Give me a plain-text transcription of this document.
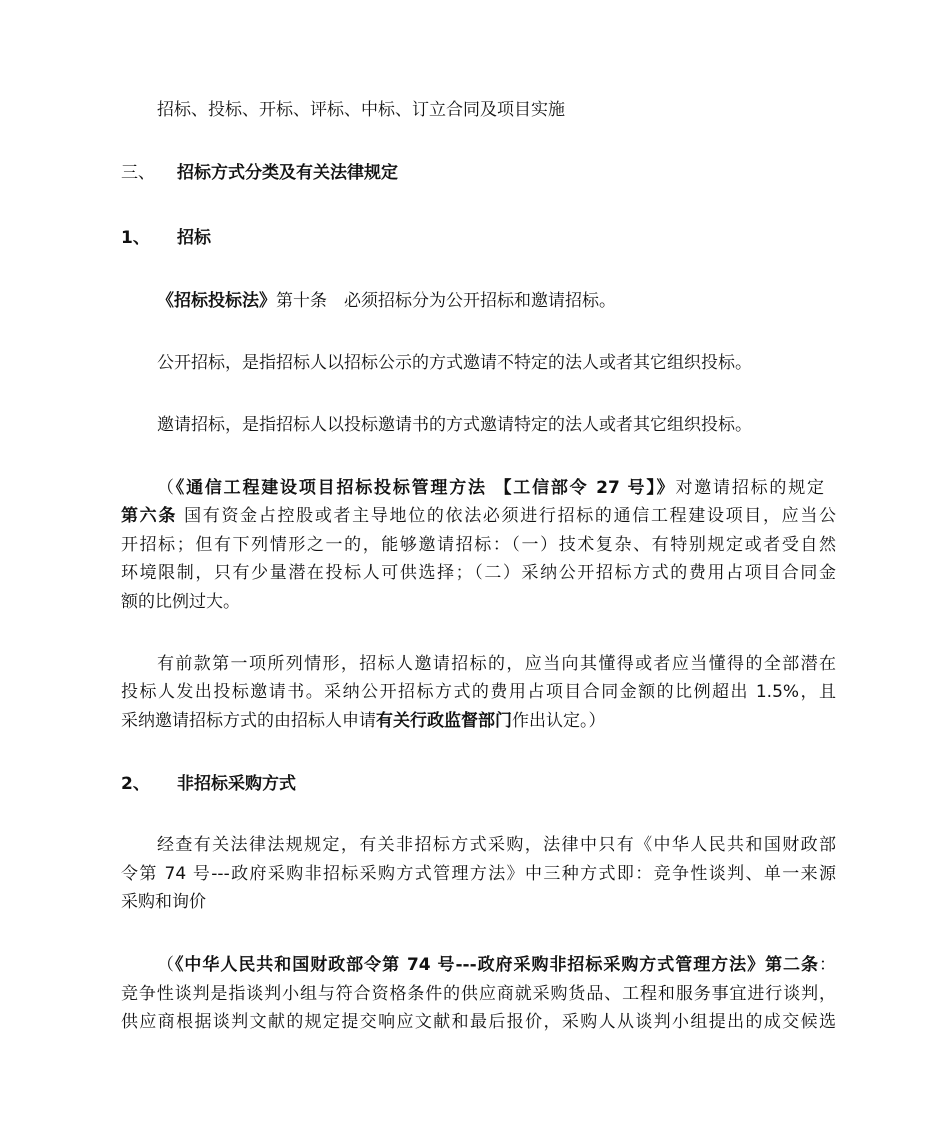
招标、投标、开标、评标、中标、订立合同及项目实施
三、 招标方式分类及有关法律规定
1、 招标
《招标投标法》第十条　必须招标分为公开招标和邀请招标。
公开招标，是指招标人以招标公示的方式邀请不特定的法人或者其它组织投标。
邀请招标，是指招标人以投标邀请书的方式邀请特定的法人或者其它组织投标。
（《通信工程建设项目招标投标管理方法 【工信部令 27 号】》对邀请招标的规定
第六条 国有资金占控股或者主导地位的依法必须进行招标的通信工程建设项目，应当公
开招标；但有下列情形之一的，能够邀请招标：（一）技术复杂、有特别规定或者受自然
环境限制，只有少量潜在投标人可供选择；（二）采纳公开招标方式的费用占项目合同金
额的比例过大。
有前款第一项所列情形，招标人邀请招标的，应当向其懂得或者应当懂得的全部潜在
投标人发出投标邀请书。采纳公开招标方式的费用占项目合同金额的比例超出 1.5%，且
采纳邀请招标方式的由招标人申请有关行政监督部门作出认定。）
2、 非招标采购方式
经查有关法律法规规定，有关非招标方式采购，法律中只有《中华人民共和国财政部
令第 74 号---政府采购非招标采购方式管理方法》中三种方式即：竞争性谈判、单一来源
采购和询价
（《中华人民共和国财政部令第 74 号---政府采购非招标采购方式管理方法》第二条：
竞争性谈判是指谈判小组与符合资格条件的供应商就采购货品、工程和服务事宜进行谈判，
供应商根据谈判文献的规定提交响应文献和最后报价，采购人从谈判小组提出的成交候选
